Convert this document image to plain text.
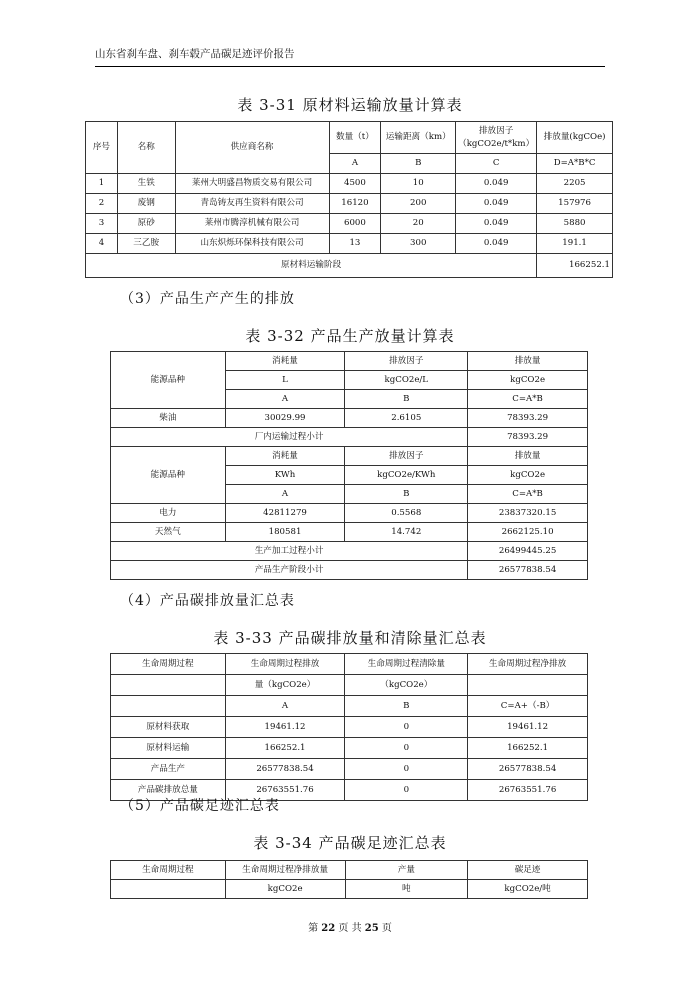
山东省刹车盘、刹车毂产品碳足迹评价报告
表 3-31 原材料运输放量计算表
序号	名称	供应商名称	数量（t）	运输距离（km）	排放因子
（kgCO2e/t*km）	排放量(kgCOe)
			A	B	C	D=A*B*C
1	生铁	莱州大明盛昌物质交易有限公司	4500	10	0.049	2205
2	废钢	青岛铸友再生资料有限公司	16120	200	0.049	157976
3	原砂	莱州市腾淳机械有限公司	6000	20	0.049	5880
4	三乙胺	山东炽烁环保科技有限公司	13	300	0.049	191.1
原材料运输阶段						166252.1
（3）产品生产产生的排放
表 3-32 产品生产放量计算表
能源品种	消耗量	排放因子	排放量
	L	kgCO2e/L	kgCO2e
	A	B	C=A*B
柴油	30029.99	2.6105	78393.29
厂内运输过程小计			78393.29
能源品种	消耗量	排放因子	排放量
	KWh	kgCO2e/KWh	kgCO2e
	A	B	C=A*B
电力	42811279	0.5568	23837320.15
天然气	180581	14.742	2662125.10
生产加工过程小计			26499445.25
产品生产阶段小计			26577838.54
（4）产品碳排放量汇总表
表 3-33 产品碳排放量和清除量汇总表
生命周期过程	生命周期过程排放	生命周期过程清除量	生命周期过程净排放
	量（kgCO2e）	（kgCO2e）	
	A	B	C=A+（-B）
原材料获取	19461.12	0	19461.12
原材料运输	166252.1	0	166252.1
产品生产	26577838.54	0	26577838.54
产品碳排放总量	26763551.76	0	26763551.76
（5）产品碳足迹汇总表
表 3-34 产品碳足迹汇总表
生命周期过程	生命周期过程净排放量	产量	碳足迹
	kgCO2e	吨	kgCO2e/吨
第 22 页 共 25 页
